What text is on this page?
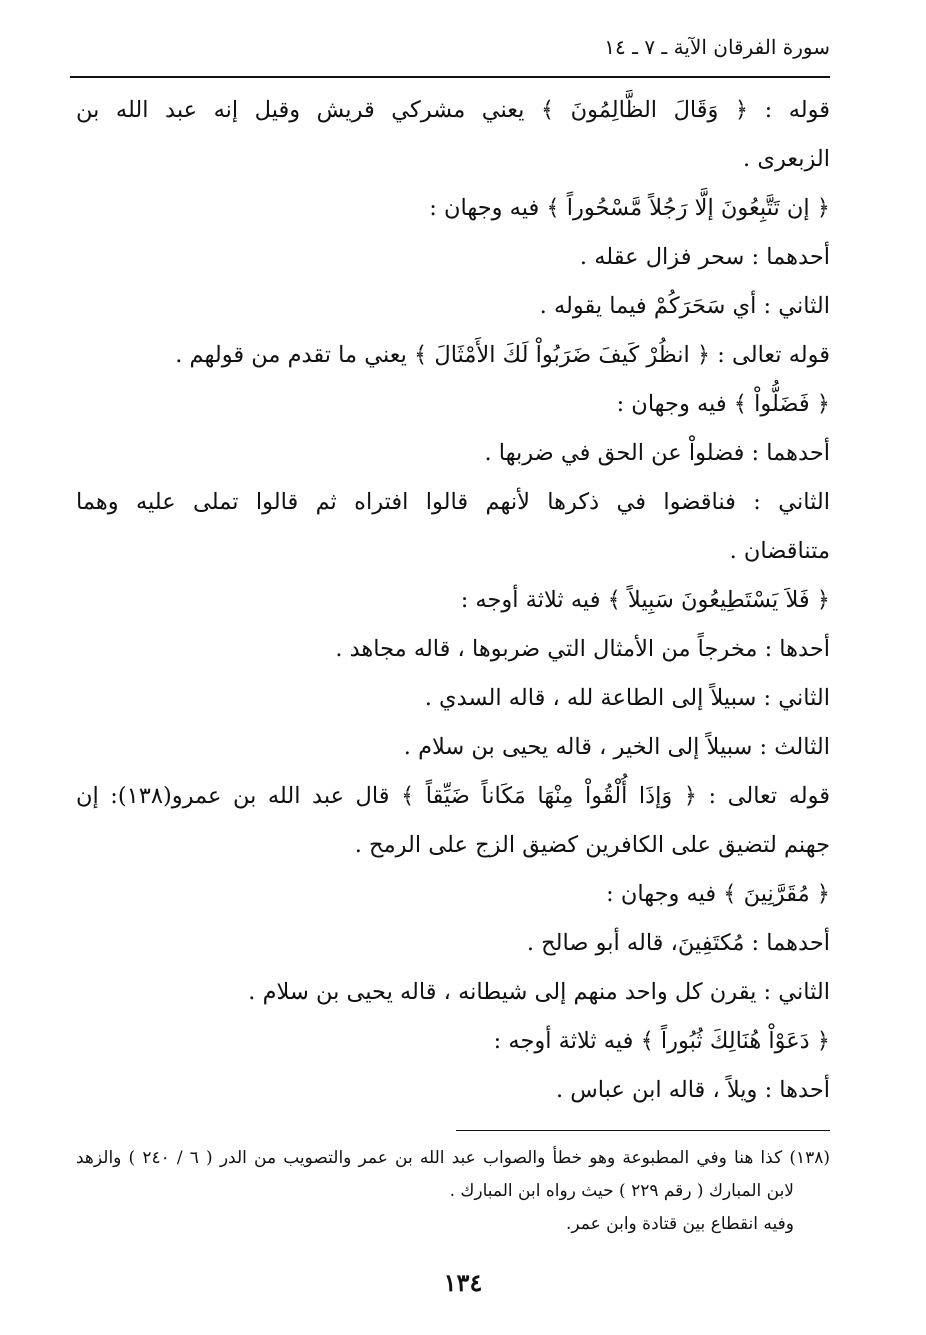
سورة الفرقان الآية ـ ٧ ـ ١٤
قوله : ﴿ وَقَالَ الظَّالِمُونَ ﴾ يعني مشركي قريش وقيل إنه عبد الله بن
الزبعرى .
﴿ إن تَتَّبِعُونَ إلَّا رَجُلاً مَّسْحُوراً ﴾ فيه وجهان :
أحدهما : سحر فزال عقله .
الثاني : أي سَحَرَكُمْ فيما يقوله .
قوله تعالى : ﴿ انظُرْ كَيفَ ضَرَبُواْ لَكَ الأَمْثَالَ ﴾ يعني ما تقدم من قولهم .
﴿ فَضَلُّواْ ﴾ فيه وجهان :
أحدهما : فضلواْ عن الحق في ضربها .
الثاني : فناقضوا في ذكرها لأنهم قالوا افتراه ثم قالوا تملى عليه وهما
متناقضان .
﴿ فَلاَ يَسْتَطِيعُونَ سَبِيلاً ﴾ فيه ثلاثة أوجه :
أحدها : مخرجاً من الأمثال التي ضربوها ، قاله مجاهد .
الثاني : سبيلاً إلى الطاعة لله ، قاله السدي .
الثالث : سبيلاً إلى الخير ، قاله يحيى بن سلام .
قوله تعالى : ﴿ وَإذَا أُلْقُواْ مِنْهَا مَكَاناً ضَيِّقاً ﴾ قال عبد الله بن عمرو(١٣٨): إن
جهنم لتضيق على الكافرين كضيق الزج على الرمح .
﴿ مُقَرَّنِينَ ﴾ فيه وجهان :
أحدهما : مُكتَفِينَ، قاله أبو صالح .
الثاني : يقرن كل واحد منهم إلى شيطانه ، قاله يحيى بن سلام .
﴿ دَعَوْاْ هُنَالِكَ ثُبُوراً ﴾ فيه ثلاثة أوجه :
أحدها : ويلاً ، قاله ابن عباس .
(١٣٨) كذا هنا وفي المطبوعة وهو خطأ والصواب عبد الله بن عمر والتصويب من الدر ( ٦ / ٢٤٠ ) والزهد
لابن المبارك ( رقم ٢٢٩ ) حيث رواه ابن المبارك .
وفيه انقطاع بين قتادة وابن عمر.
١٣٤
